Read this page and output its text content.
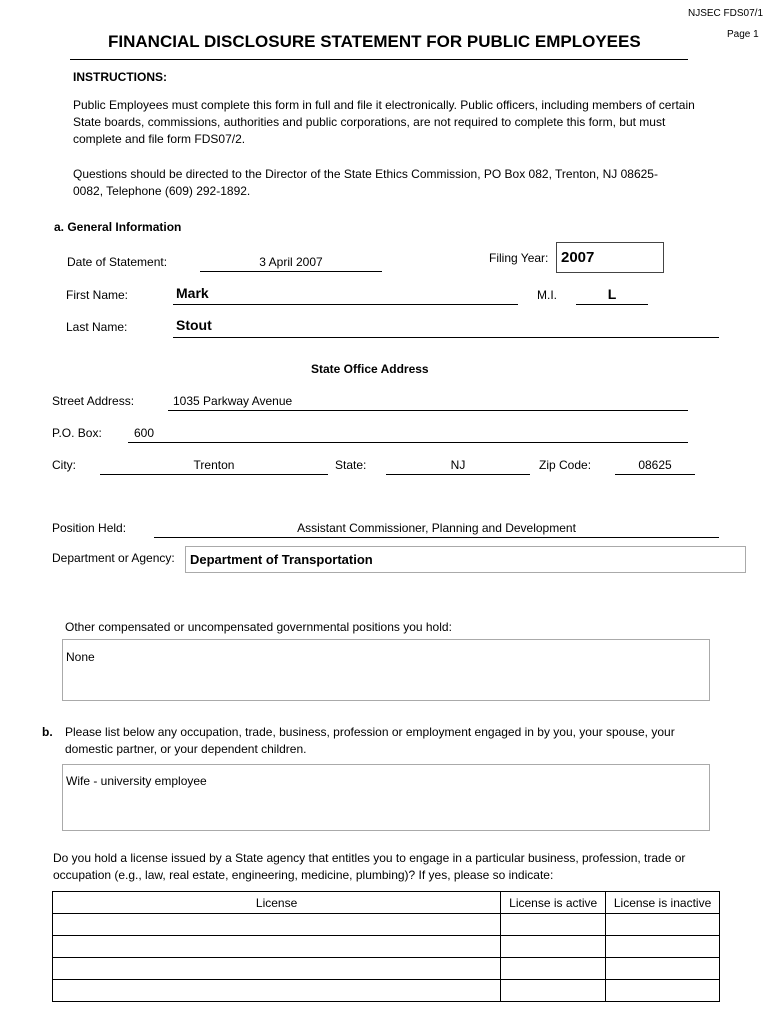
NJSEC FDS07/1
Page 1
FINANCIAL DISCLOSURE STATEMENT FOR PUBLIC EMPLOYEES
INSTRUCTIONS:
Public Employees must complete this form in full and file it electronically. Public officers, including members of certain State boards, commissions, authorities and public corporations, are not required to complete this form, but must complete and file form FDS07/2.
Questions should be directed to the Director of the State Ethics Commission, PO Box 082, Trenton, NJ 08625-0082, Telephone (609) 292-1892.
a. General Information
Date of Statement:	3 April 2007	Filing Year: 2007
First Name:	Mark	M.I.	L
Last Name:	Stout
State Office Address
Street Address:	1035 Parkway Avenue
P.O. Box:	600
City:	Trenton	State:	NJ	Zip Code:	08625
Position Held:	Assistant Commissioner, Planning and Development
Department or Agency: Department of Transportation
Other compensated or uncompensated governmental positions you hold:
None
b. Please list below any occupation, trade, business, profession or employment engaged in by you, your spouse, your domestic partner, or your dependent children.
Wife - university employee
Do you hold a license issued by a State agency that entitles you to engage in a particular business, profession, trade or occupation (e.g., law, real estate, engineering, medicine, plumbing)? If yes, please so indicate:
License	License is active	License is inactive
